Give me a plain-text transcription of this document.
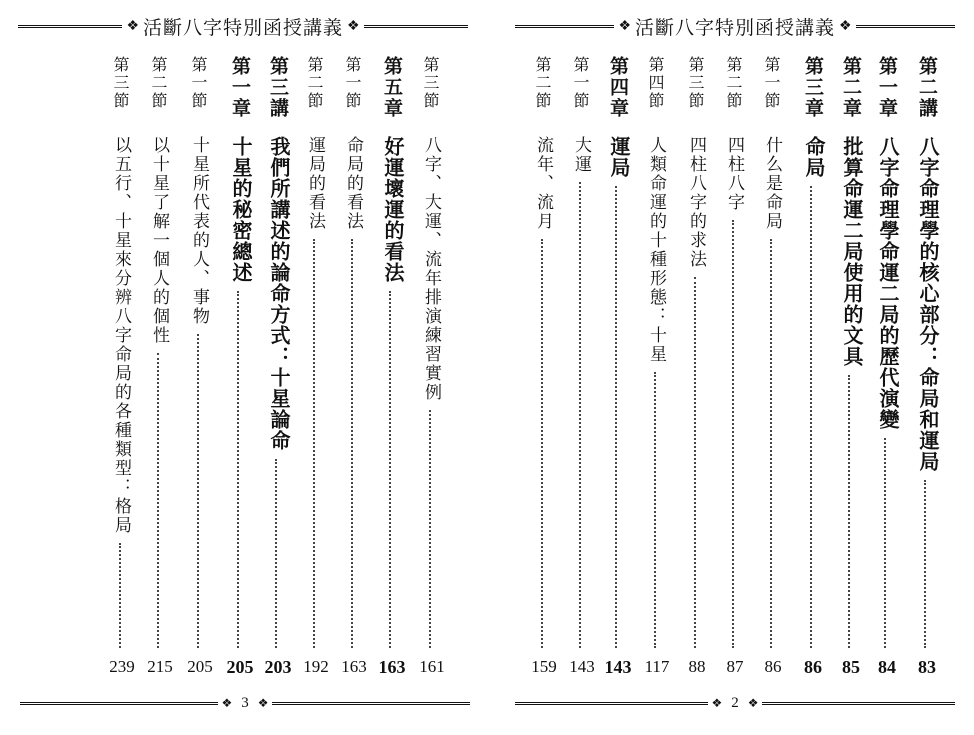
❖ 活斷八字特別函授講義 ❖
第三節
八字、大運、流年排演練習實例
161
第五章
好運壞運的看法
163
第一節
命局的看法
163
第二節
運局的看法
192
第三講
我們所講述的論命方式：十星論命
203
第一章
十星的秘密總述
205
第一節
十星所代表的人、事物
205
第二節
以十星了解一個人的個性
215
第三節
以五行、十星來分辨八字命局的各種類型：格局
239
❖ 3 ❖
❖ 活斷八字特別函授講義 ❖
第二講
八字命理學的核心部分：命局和運局
83
第一章
八字命理學命運二局的歷代演變
84
第二章
批算命運二局使用的文具
85
第三章
命局
86
第一節
什么是命局
86
第二節
四柱八字
87
第三節
四柱八字的求法
88
第四節
人類命運的十種形態：十星
117
第四章
運局
143
第一節
大運
143
第二節
流年、流月
159
❖ 2 ❖
